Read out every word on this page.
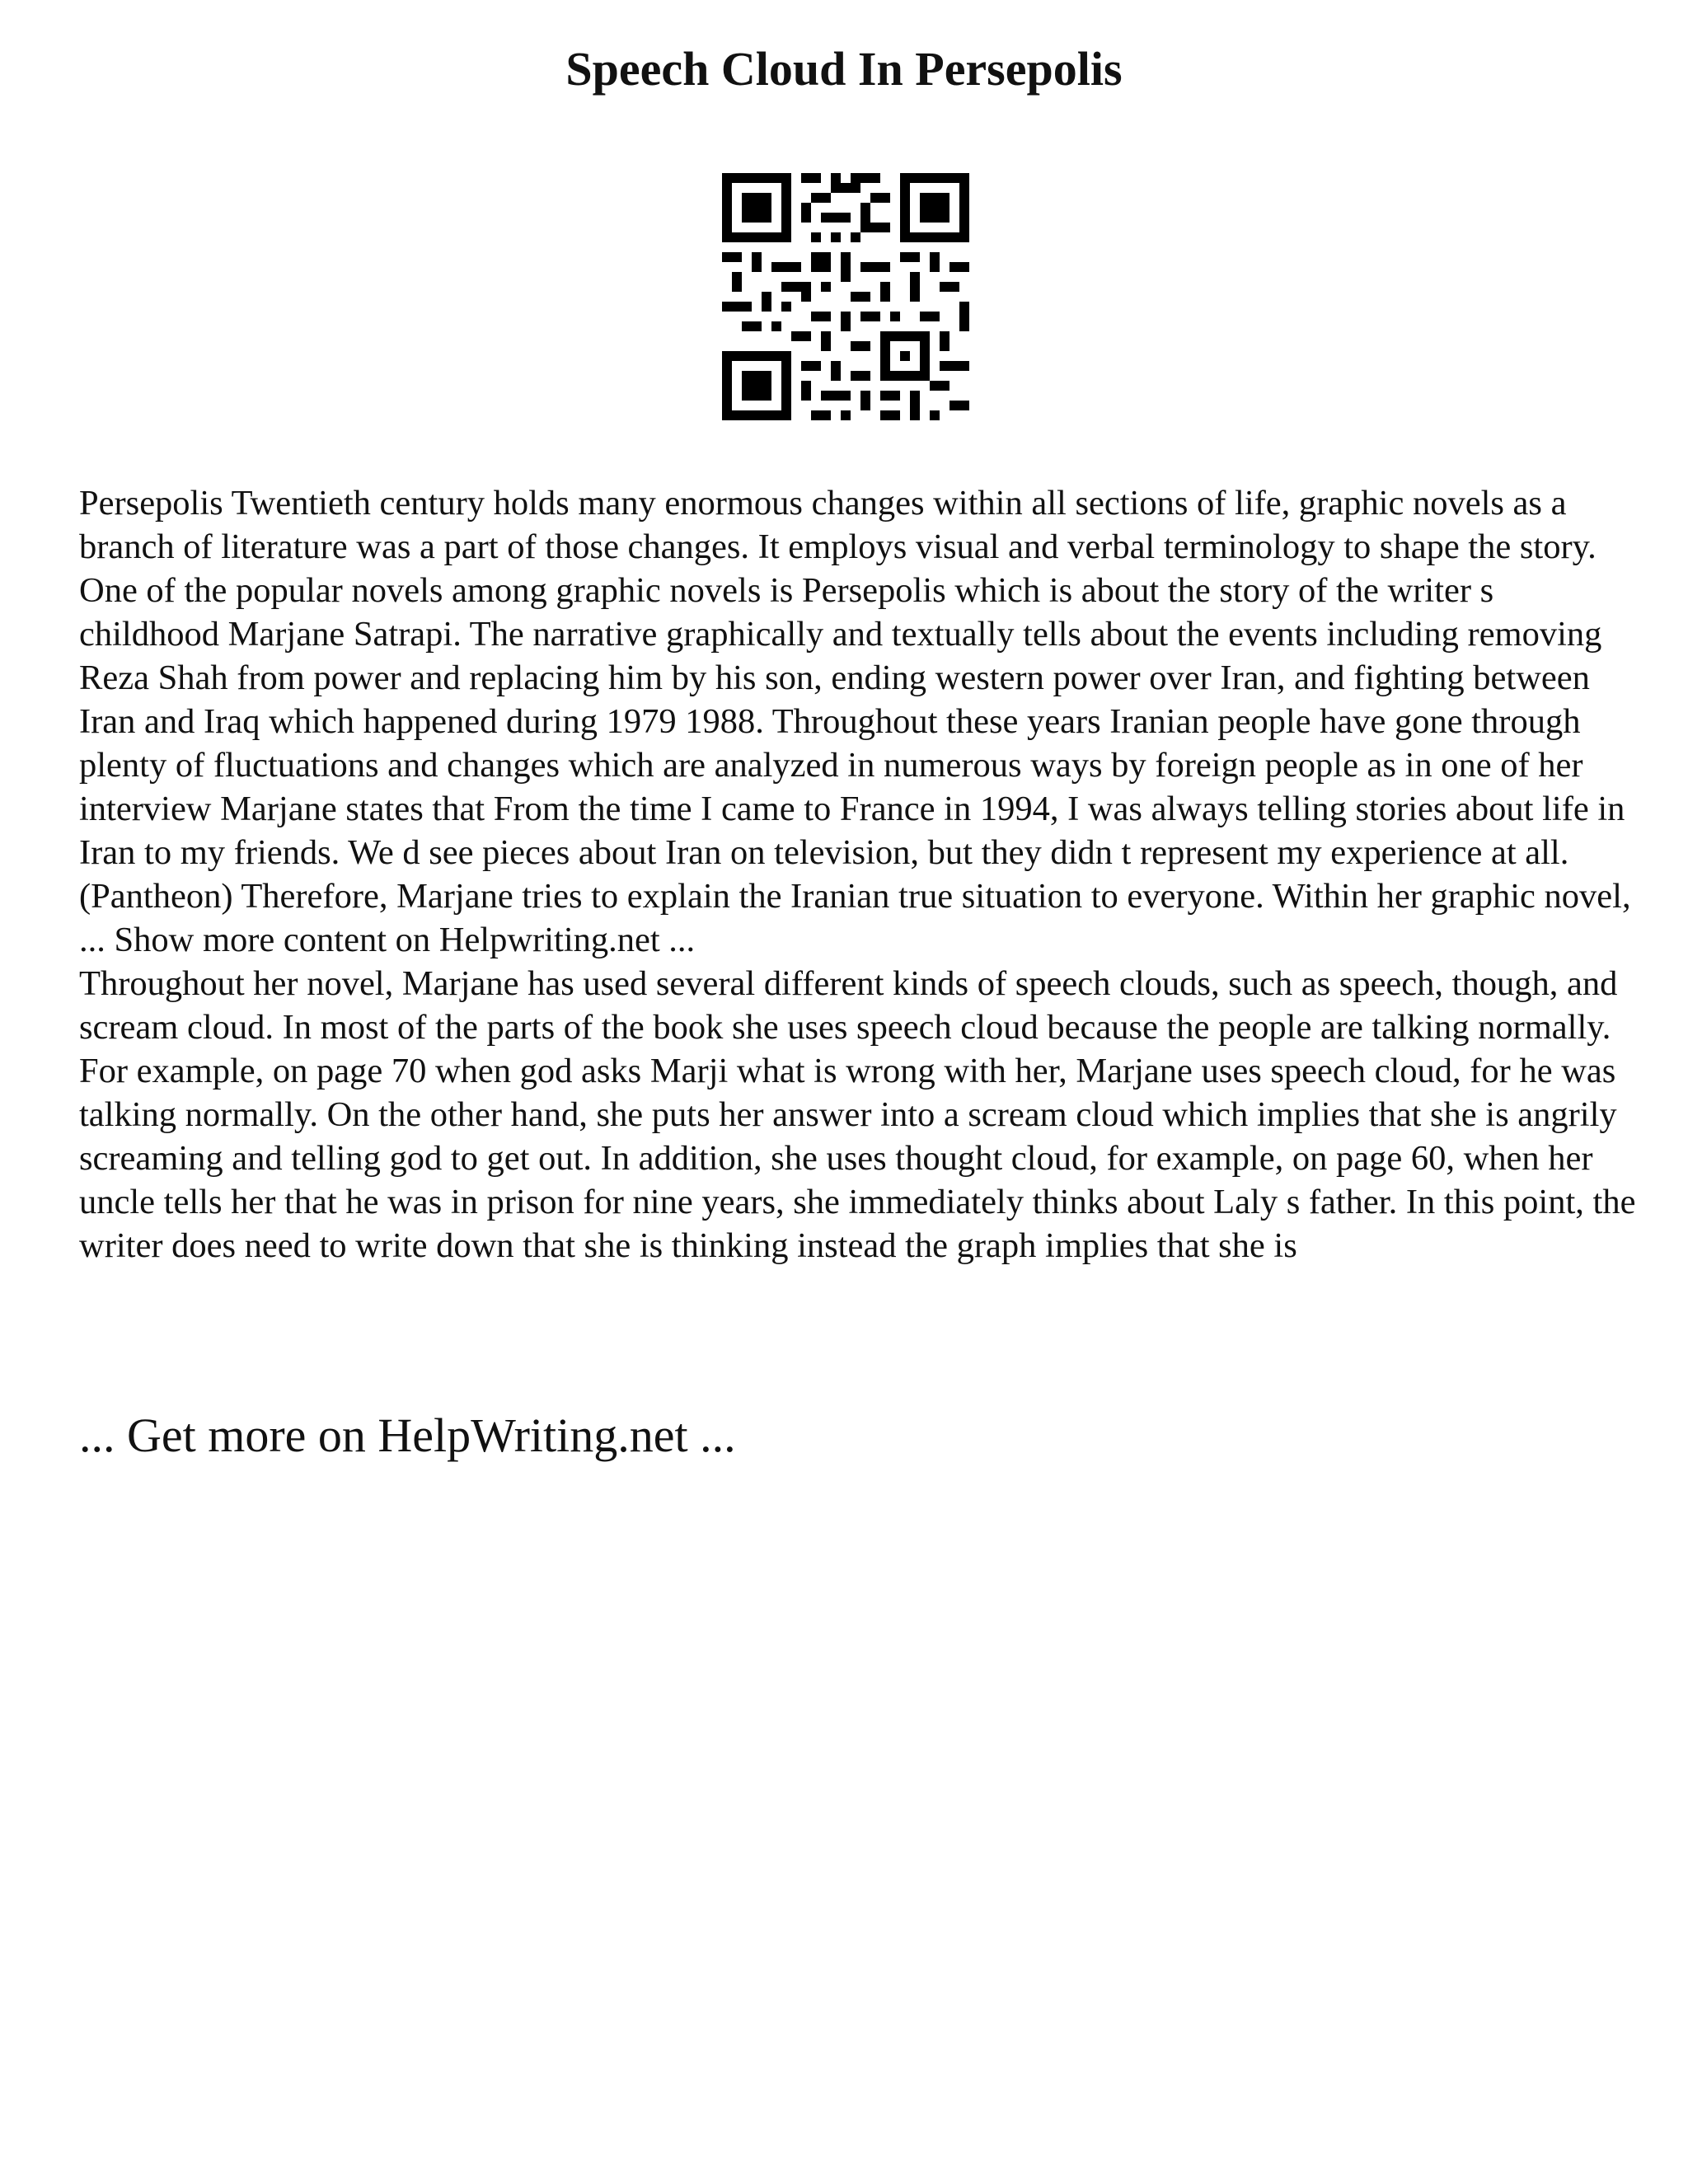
Speech Cloud In Persepolis

Persepolis Twentieth century holds many enormous changes within all sections of life, graphic novels as a branch of literature was a part of those changes. It employs visual and verbal terminology to shape the story. One of the popular novels among graphic novels is Persepolis which is about the story of the writer s childhood Marjane Satrapi. The narrative graphically and textually tells about the events including removing Reza Shah from power and replacing him by his son, ending western power over Iran, and fighting between Iran and Iraq which happened during 1979 1988. Throughout these years Iranian people have gone through plenty of fluctuations and changes which are analyzed in numerous ways by foreign people as in one of her interview Marjane states that From the time I came to France in 1994, I was always telling stories about life in Iran to my friends. We d see pieces about Iran on television, but they didn t represent my experience at all. (Pantheon) Therefore, Marjane tries to explain the Iranian true situation to everyone. Within her graphic novel, ... Show more content on Helpwriting.net ...

Throughout her novel, Marjane has used several different kinds of speech clouds, such as speech, though, and scream cloud. In most of the parts of the book she uses speech cloud because the people are talking normally. For example, on page 70 when god asks Marji what is wrong with her, Marjane uses speech cloud, for he was talking normally. On the other hand, she puts her answer into a scream cloud which implies that she is angrily screaming and telling god to get out. In addition, she uses thought cloud, for example, on page 60, when her uncle tells her that he was in prison for nine years, she immediately thinks about Laly s father. In this point, the writer does need to write down that she is thinking instead the graph implies that she is

... Get more on HelpWriting.net ...
